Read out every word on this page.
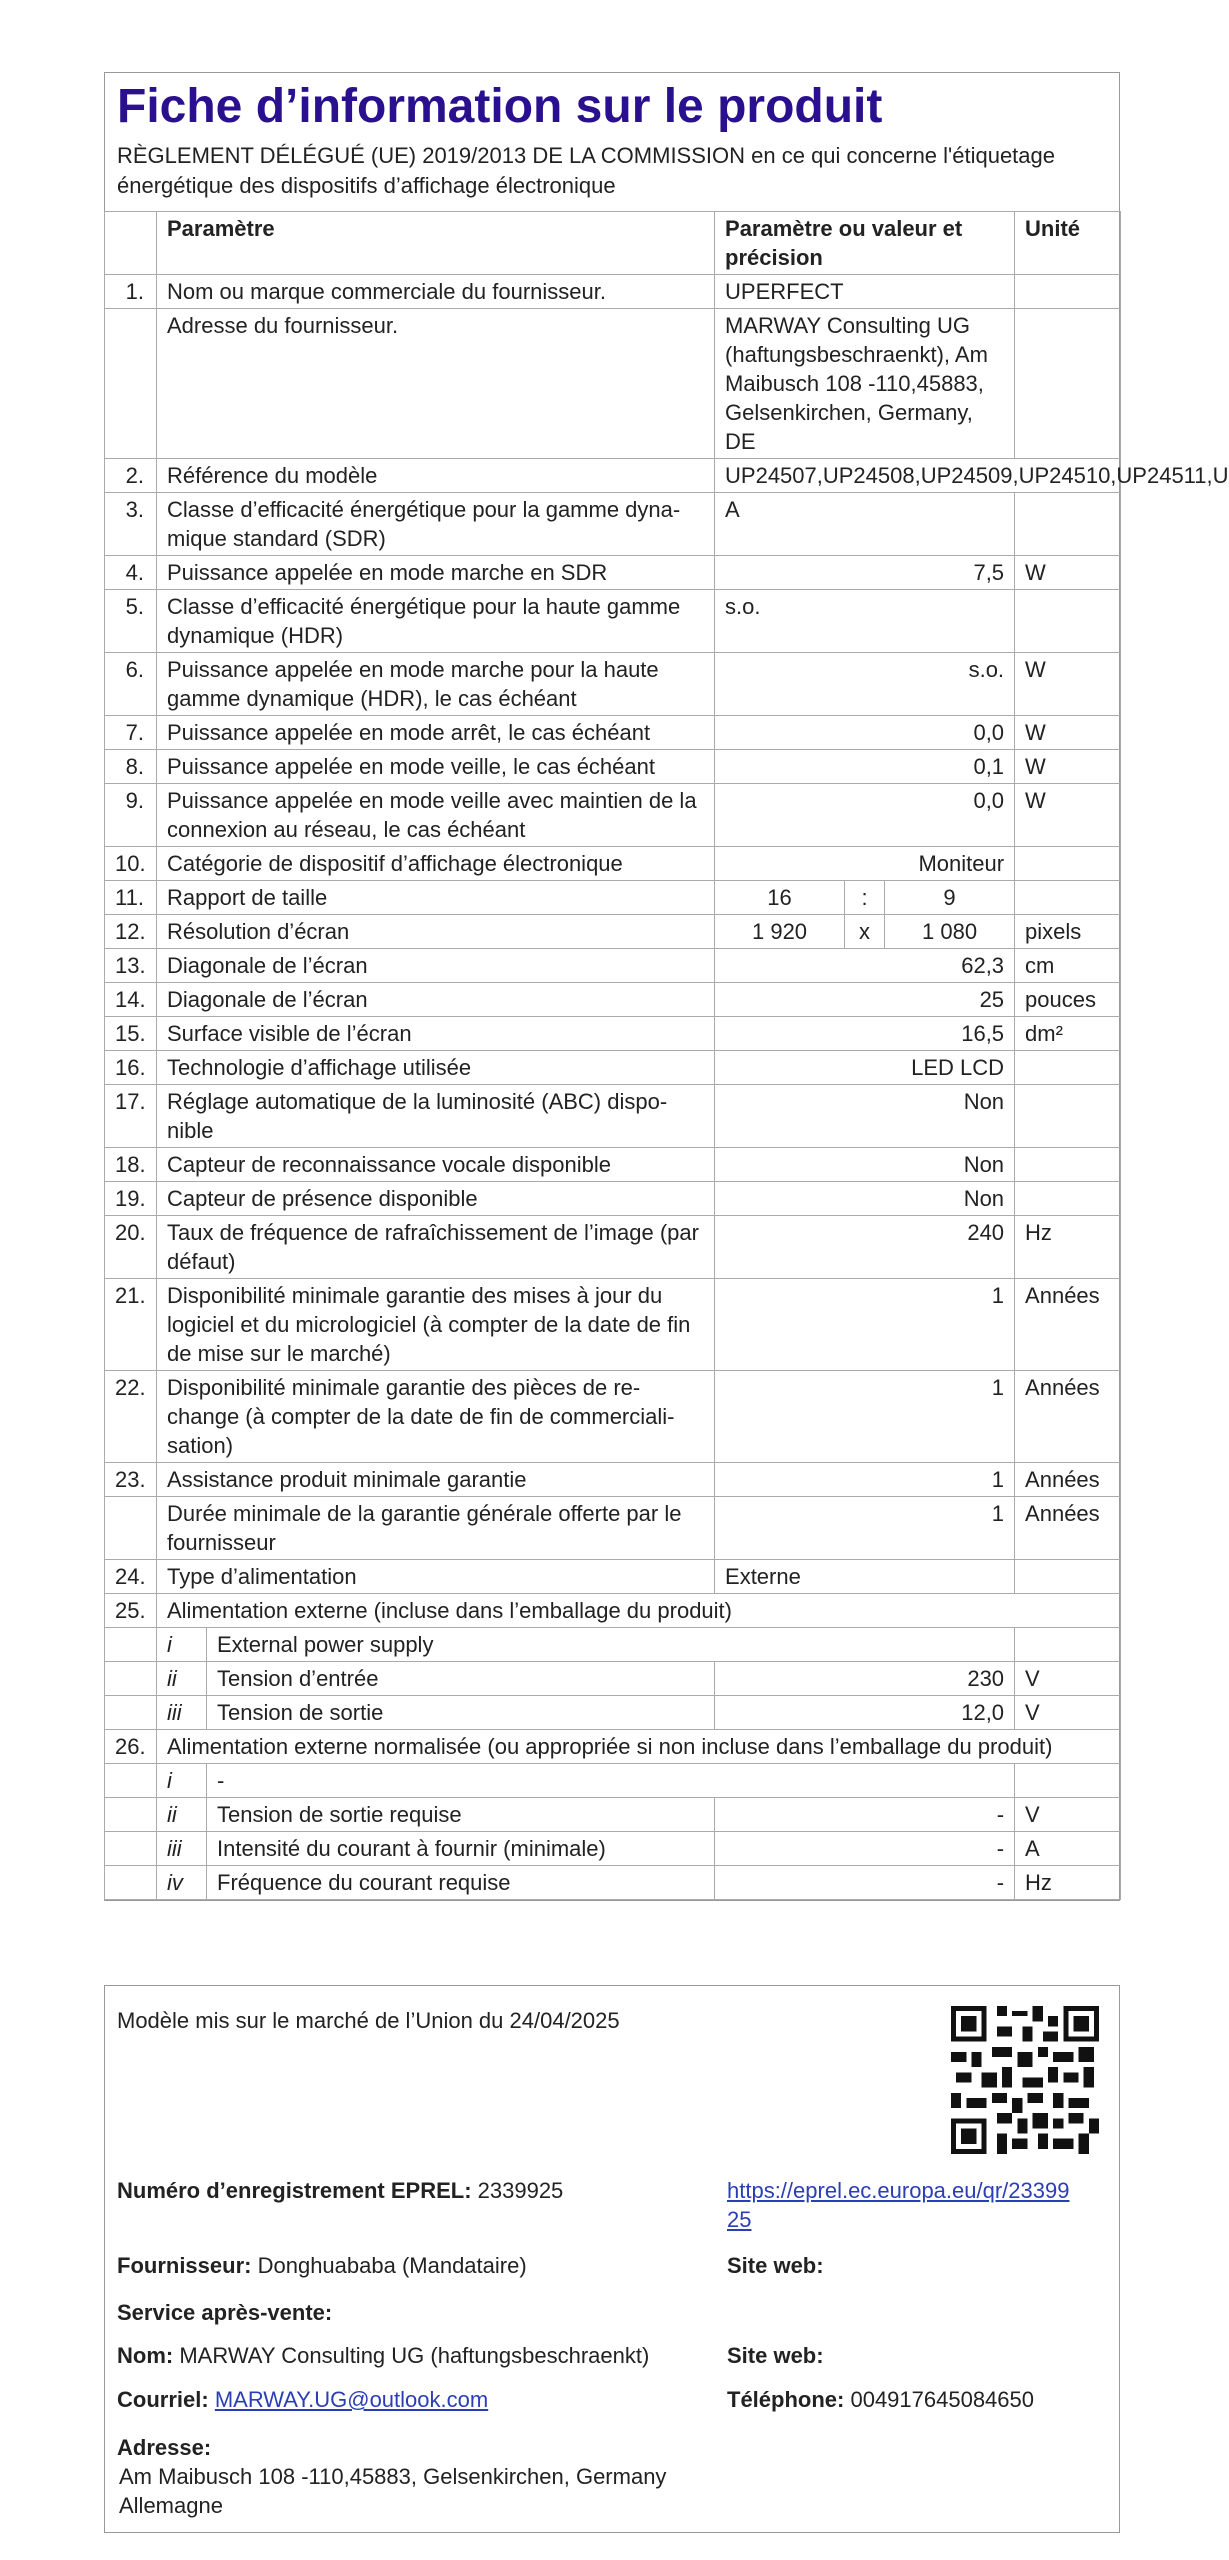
Fiche d’information sur le produit
RÈGLEMENT DÉLÉGUÉ (UE) 2019/2013 DE LA COMMISSION en ce qui concerne l'étiquetage énergétique des dispositifs d’affichage électronique
	Paramètre		Paramètre ou valeur et précision			Unité
1.	Nom ou marque commerciale du fournisseur.		UPERFECT			
	Adresse du fournisseur.		MARWAY Consulting UG (haftungsbeschraenkt), Am Maibusch 108 -110,45883, Gelsenkirchen, Germany, DE			
2.	Référence du modèle		UP24507,UP24508,UP24509,UP24510,UP24511,U			
3.	Classe d’efficacité énergétique pour la gamme dyna-mique standard (SDR)		A			
4.	Puissance appelée en mode marche en SDR		7,5			W
5.	Classe d’efficacité énergétique pour la haute gamme dynamique (HDR)		s.o.			
6.	Puissance appelée en mode marche pour la haute gamme dynamique (HDR), le cas échéant		s.o.			W
7.	Puissance appelée en mode arrêt, le cas échéant		0,0			W
8.	Puissance appelée en mode veille, le cas échéant		0,1			W
9.	Puissance appelée en mode veille avec maintien de la connexion au réseau, le cas échéant		0,0			W
10.	Catégorie de dispositif d’affichage électronique		Moniteur			
11.	Rapport de taille		16	:	9	
12.	Résolution d’écran		1 920	x	1 080	pixels
13.	Diagonale de l’écran		62,3			cm
14.	Diagonale de l’écran		25			pouces
15.	Surface visible de l’écran		16,5			dm²
16.	Technologie d’affichage utilisée		LED LCD			
17.	Réglage automatique de la luminosité (ABC) dispo-nible		Non			
18.	Capteur de reconnaissance vocale disponible		Non			
19.	Capteur de présence disponible		Non			
20.	Taux de fréquence de rafraîchissement de l’image (par défaut)		240			Hz
21.	Disponibilité minimale garantie des mises à jour du logiciel et du micrologiciel (à compter de la date de fin de mise sur le marché)		1			Années
22.	Disponibilité minimale garantie des pièces de re-change (à compter de la date de fin de commerciali-sation)		1			Années
23.	Assistance produit minimale garantie		1			Années
	Durée minimale de la garantie générale offerte par le fournisseur		1			Années
24.	Type d’alimentation		Externe			
25.	Alimentation externe (incluse dans l’emballage du produit)					
	i	External power supply				
	ii	Tension d’entrée	230			V
	iii	Tension de sortie	12,0			V
26.	Alimentation externe normalisée (ou appropriée si non incluse dans l’emballage du produit)					
	i	-				
	ii	Tension de sortie requise	-			V
	iii	Intensité du courant à fournir (minimale)	-			A
	iv	Fréquence du courant requise	-			Hz
Modèle mis sur le marché de l’Union du 24/04/2025
Numéro d’enregistrement EPREL: 2339925	https://eprel.ec.europa.eu/qr/2339925
Fournisseur: Donghuababa (Mandataire)	Site web:
Service après-vente:
Nom: MARWAY Consulting UG (haftungsbeschraenkt)	Site web:
Courriel: MARWAY.UG@outlook.com	Téléphone: 004917645084650
Adresse:
Am Maibusch 108 -110,45883, Gelsenkirchen, Germany
Allemagne
